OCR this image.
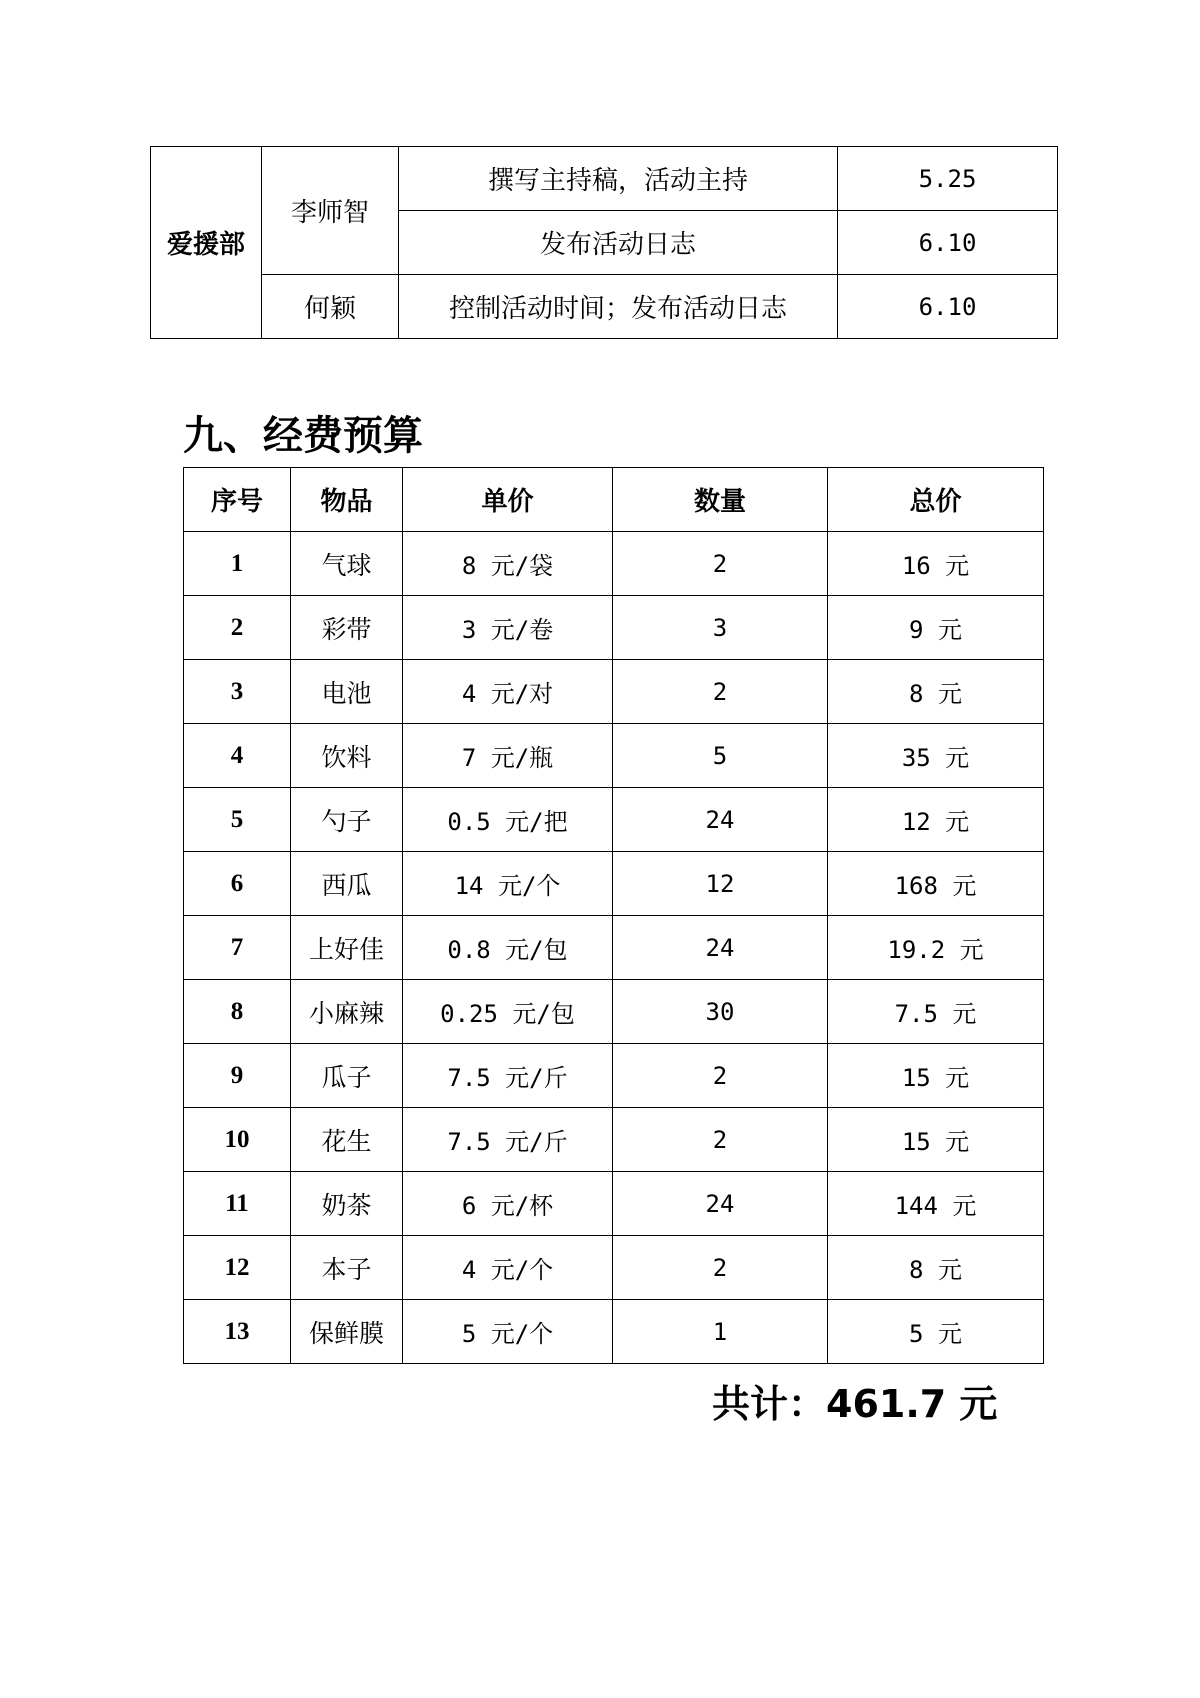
爱援部	李师智	撰写主持稿，活动主持	5.25
		发布活动日志	6.10
	何颖	控制活动时间；发布活动日志	6.10
九、经费预算
序号	物品	单价	数量	总价
1	气球	8 元/袋	2	16 元
2	彩带	3 元/卷	3	9 元
3	电池	4 元/对	2	8 元
4	饮料	7 元/瓶	5	35 元
5	勺子	0.5 元/把	24	12 元
6	西瓜	14 元/个	12	168 元
7	上好佳	0.8 元/包	24	19.2 元
8	小麻辣	0.25 元/包	30	7.5 元
9	瓜子	7.5 元/斤	2	15 元
10	花生	7.5 元/斤	2	15 元
11	奶茶	6 元/杯	24	144 元
12	本子	4 元/个	2	8 元
13	保鲜膜	5 元/个	1	5 元
共计：461.7 元
